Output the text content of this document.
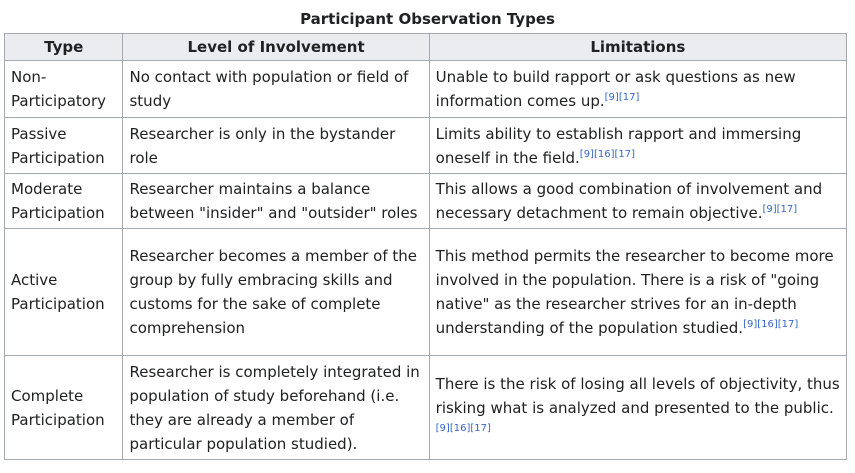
Participant Observation Types
Type	Level of Involvement	Limitations
Non-Participatory	No contact with population or field of study	Unable to build rapport or ask questions as new information comes up.[9][17]
Passive Participation	Researcher is only in the bystander role	Limits ability to establish rapport and immersing oneself in the field.[9][16][17]
Moderate Participation	Researcher maintains a balance between "insider" and "outsider" roles	This allows a good combination of involvement and necessary detachment to remain objective.[9][17]
Active Participation	Researcher becomes a member of the group by fully embracing skills and customs for the sake of complete comprehension	This method permits the researcher to become more involved in the population. There is a risk of "going native" as the researcher strives for an in-depth understanding of the population studied.[9][16][17]
Complete Participation	Researcher is completely integrated in population of study beforehand (i.e. they are already a member of particular population studied).	There is the risk of losing all levels of objectivity, thus risking what is analyzed and presented to the public.[9][16][17]
